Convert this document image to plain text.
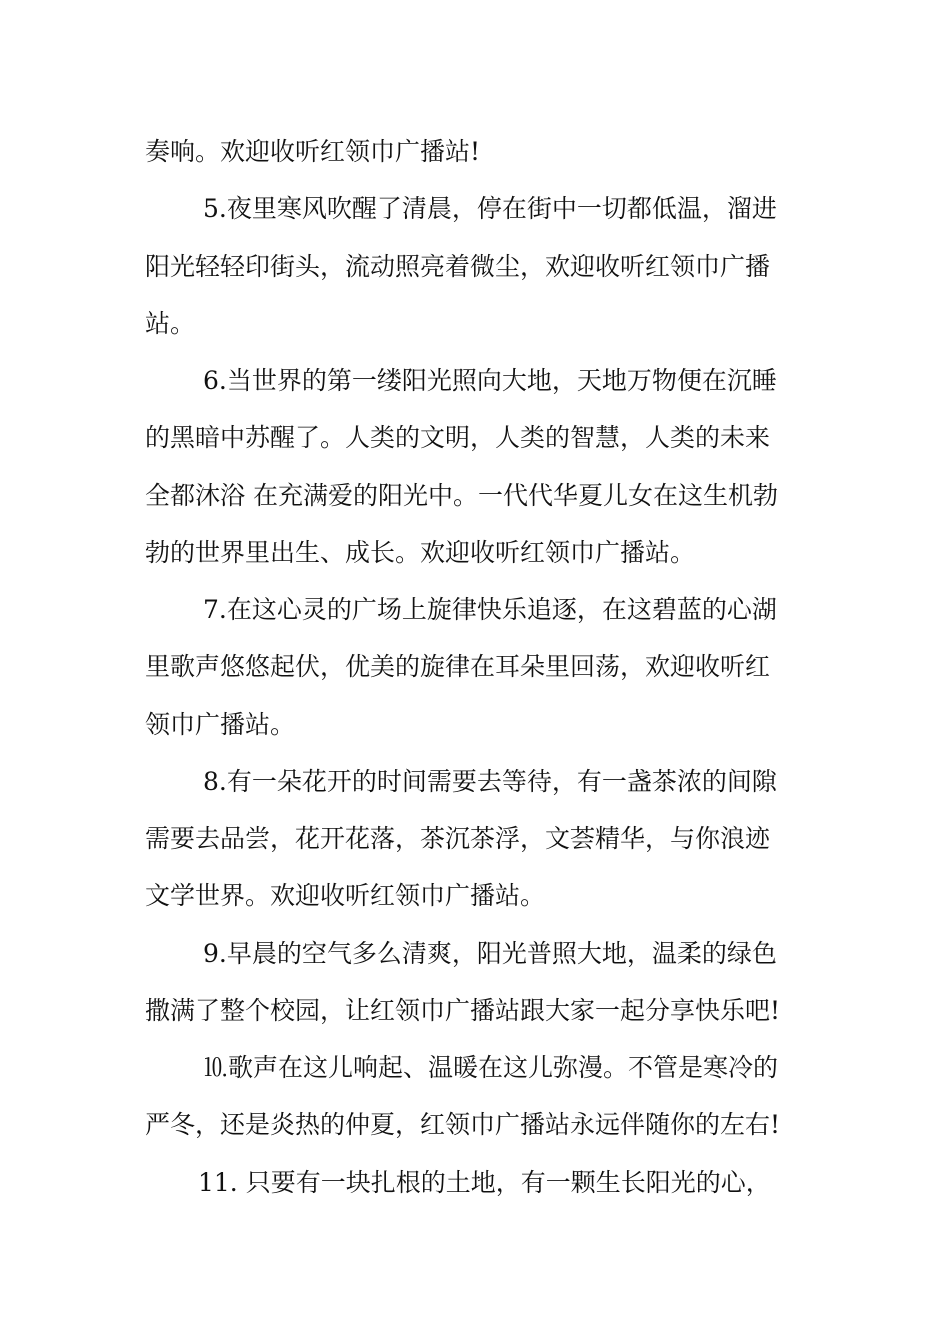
奏响。欢迎收听红领巾广播站!
5.夜里寒风吹醒了清晨，停在街中一切都低温，溜进
阳光轻轻印街头，流动照亮着微尘，欢迎收听红领巾广播
站。
6.当世界的第一缕阳光照向大地，天地万物便在沉睡
的黑暗中苏醒了。人类的文明，人类的智慧，人类的未来
全都沐浴 在充满爱的阳光中。一代代华夏儿女在这生机勃
勃的世界里出生、成长。欢迎收听红领巾广播站。
7.在这心灵的广场上旋律快乐追逐，在这碧蓝的心湖
里歌声悠悠起伏，优美的旋律在耳朵里回荡，欢迎收听红
领巾广播站。
8.有一朵花开的时间需要去等待，有一盏茶浓的间隙
需要去品尝，花开花落，茶沉茶浮，文荟精华，与你浪迹
文学世界。欢迎收听红领巾广播站。
9.早晨的空气多么清爽，阳光普照大地，温柔的绿色
撒满了整个校园，让红领巾广播站跟大家一起分享快乐吧!
⒑歌声在这儿响起、温暖在这儿弥漫。不管是寒冷的
严冬，还是炎热的仲夏，红领巾广播站永远伴随你的左右!
11. 只要有一块扎根的土地，有一颗生长阳光的心，
